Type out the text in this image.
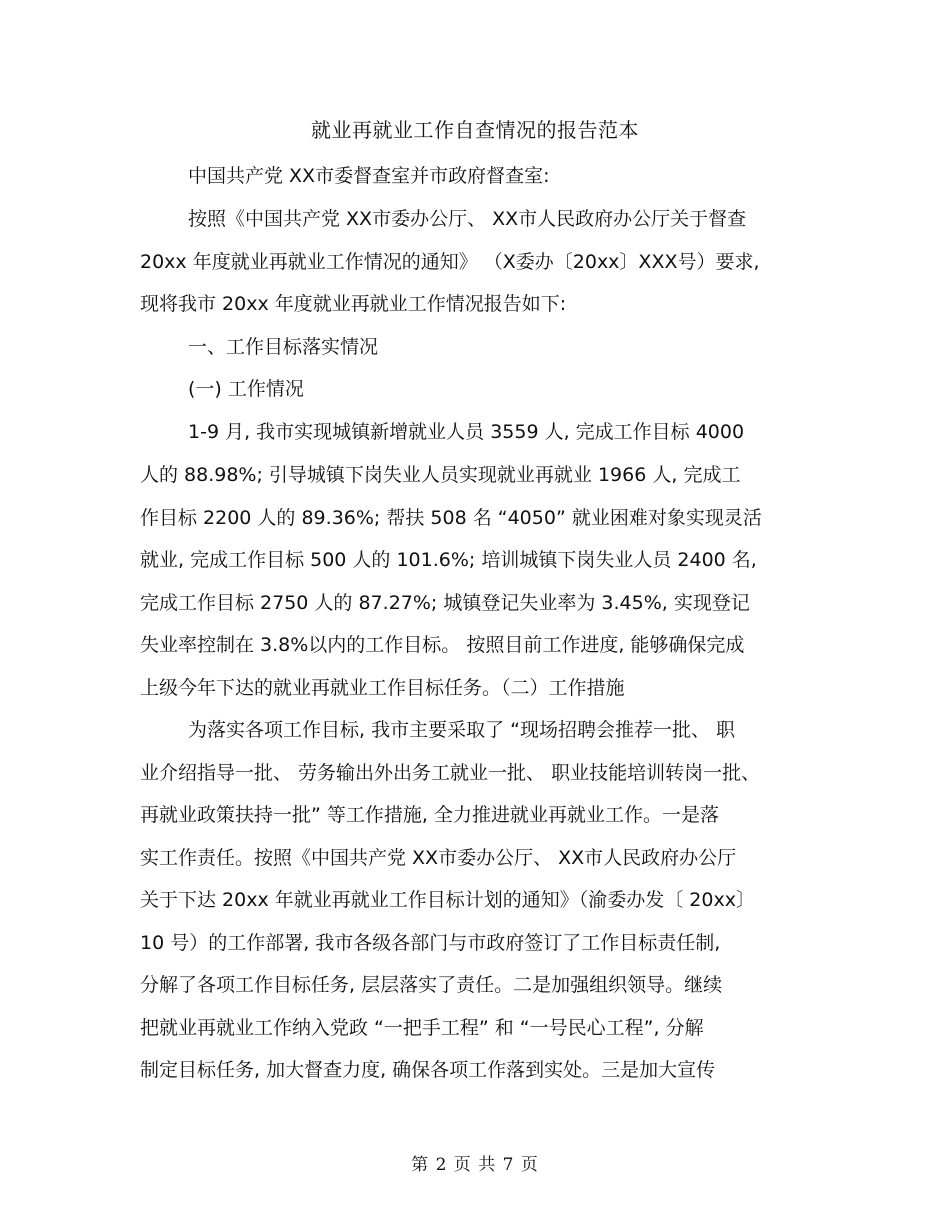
就业再就业工作自查情况的报告范本
中国共产党 XX市委督查室并市政府督查室:
按照《中国共产党 XX市委办公厅、 XX市人民政府办公厅关于督查
20xx 年度就业再就业工作情况的通知》 （X委办〔20xx〕XXX号）要求,
现将我市 20xx 年度就业再就业工作情况报告如下:
一、工作目标落实情况
(一) 工作情况
1-9 月, 我市实现城镇新增就业人员 3559 人, 完成工作目标 4000
人的 88.98%; 引导城镇下岗失业人员实现就业再就业 1966 人, 完成工
作目标 2200 人的 89.36%; 帮扶 508 名 “4050” 就业困难对象实现灵活
就业, 完成工作目标 500 人的 101.6%; 培训城镇下岗失业人员 2400 名,
完成工作目标 2750 人的 87.27%; 城镇登记失业率为 3.45%, 实现登记
失业率控制在 3.8%以内的工作目标。 按照目前工作进度, 能够确保完成
上级今年下达的就业再就业工作目标任务。（二）工作措施
为落实各项工作目标, 我市主要采取了 “现场招聘会推荐一批、 职
业介绍指导一批、 劳务输出外出务工就业一批、 职业技能培训转岗一批、
再就业政策扶持一批” 等工作措施, 全力推进就业再就业工作。一是落
实工作责任。按照《中国共产党 XX市委办公厅、 XX市人民政府办公厅
关于下达 20xx 年就业再就业工作目标计划的通知》（渝委办发〔 20xx〕
10 号）的工作部署, 我市各级各部门与市政府签订了工作目标责任制,
分解了各项工作目标任务, 层层落实了责任。二是加强组织领导。继续
把就业再就业工作纳入党政 “一把手工程” 和 “一号民心工程”, 分解
制定目标任务, 加大督查力度, 确保各项工作落到实处。三是加大宣传
第 2 页 共 7 页
